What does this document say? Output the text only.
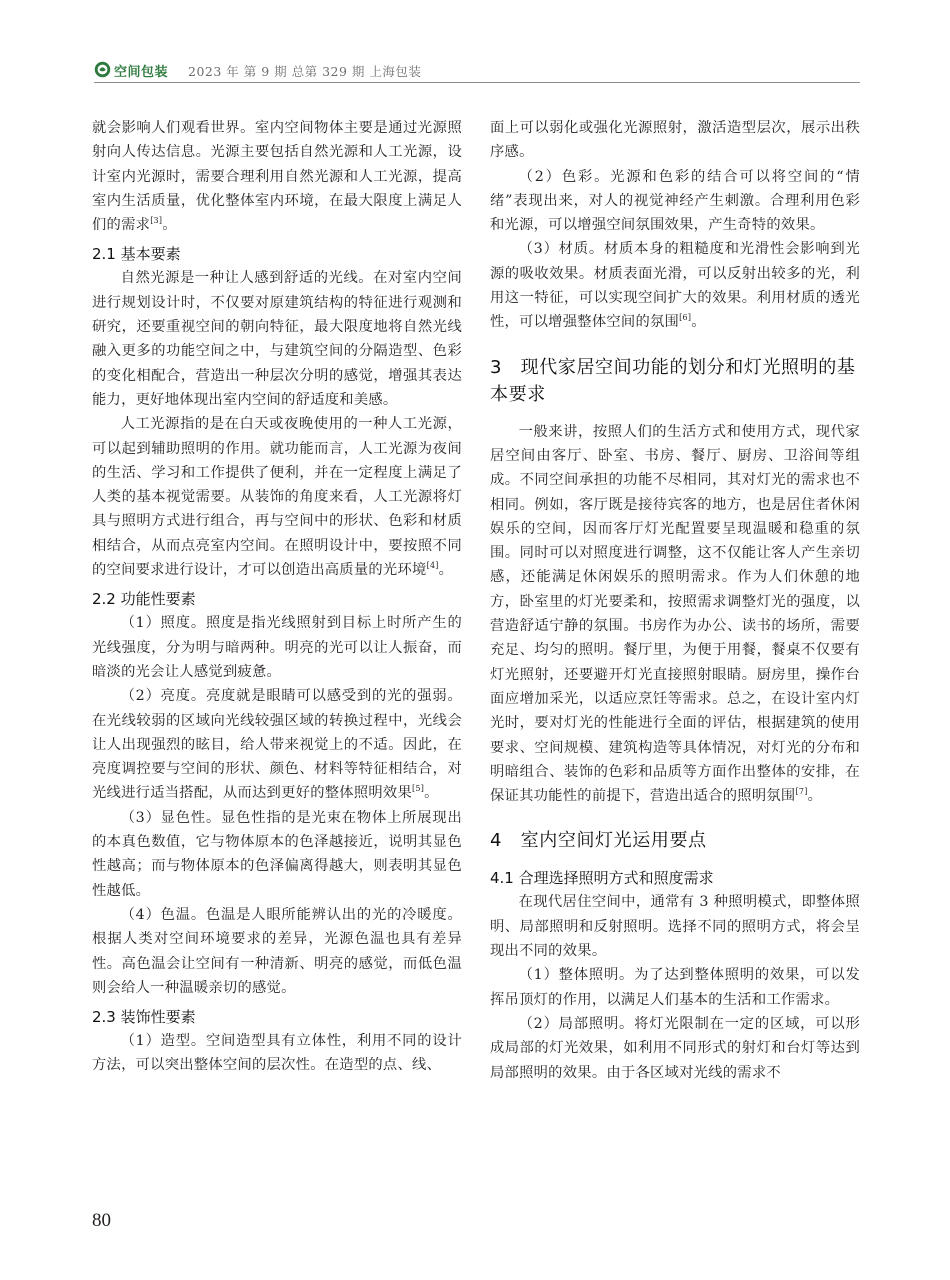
空间包装 2023 年 第 9 期 总第 329 期 上海包装

就会影响人们观看世界。室内空间物体主要是通过光源照射向人传达信息。光源主要包括自然光源和人工光源，设计室内光源时，需要合理利用自然光源和人工光源，提高室内生活质量，优化整体室内环境，在最大限度上满足人们的需求[3]。

2.1 基本要素

自然光源是一种让人感到舒适的光线。在对室内空间进行规划设计时，不仅要对原建筑结构的特征进行观测和研究，还要重视空间的朝向特征，最大限度地将自然光线融入更多的功能空间之中，与建筑空间的分隔造型、色彩的变化相配合，营造出一种层次分明的感觉，增强其表达能力，更好地体现出室内空间的舒适度和美感。

人工光源指的是在白天或夜晚使用的一种人工光源，可以起到辅助照明的作用。就功能而言，人工光源为夜间的生活、学习和工作提供了便利，并在一定程度上满足了人类的基本视觉需要。从装饰的角度来看，人工光源将灯具与照明方式进行组合，再与空间中的形状、色彩和材质相结合，从而点亮室内空间。在照明设计中，要按照不同的空间要求进行设计，才可以创造出高质量的光环境[4]。

2.2 功能性要素

（1）照度。照度是指光线照射到目标上时所产生的光线强度，分为明与暗两种。明亮的光可以让人振奋，而暗淡的光会让人感觉到疲惫。

（2）亮度。亮度就是眼睛可以感受到的光的强弱。在光线较弱的区域向光线较强区域的转换过程中，光线会让人出现强烈的眩目，给人带来视觉上的不适。因此，在亮度调控要与空间的形状、颜色、材料等特征相结合，对光线进行适当搭配，从而达到更好的整体照明效果[5]。

（3）显色性。显色性指的是光束在物体上所展现出的本真色数值，它与物体原本的色泽越接近，说明其显色性越高；而与物体原本的色泽偏离得越大，则表明其显色性越低。

（4）色温。色温是人眼所能辨认出的光的冷暖度。根据人类对空间环境要求的差异，光源色温也具有差异性。高色温会让空间有一种清新、明亮的感觉，而低色温则会给人一种温暖亲切的感觉。

2.3 装饰性要素

（1）造型。空间造型具有立体性，利用不同的设计方法，可以突出整体空间的层次性。在造型的点、线、

面上可以弱化或强化光源照射，激活造型层次，展示出秩序感。

（2）色彩。光源和色彩的结合可以将空间的“情绪”表现出来，对人的视觉神经产生刺激。合理利用色彩和光源，可以增强空间氛围效果，产生奇特的效果。

（3）材质。材质本身的粗糙度和光滑性会影响到光源的吸收效果。材质表面光滑，可以反射出较多的光，利用这一特征，可以实现空间扩大的效果。利用材质的透光性，可以增强整体空间的氛围[6]。

3　现代家居空间功能的划分和灯光照明的基本要求

一般来讲，按照人们的生活方式和使用方式，现代家居空间由客厅、卧室、书房、餐厅、厨房、卫浴间等组成。不同空间承担的功能不尽相同，其对灯光的需求也不相同。例如，客厅既是接待宾客的地方，也是居住者休闲娱乐的空间，因而客厅灯光配置要呈现温暖和稳重的氛围。同时可以对照度进行调整，这不仅能让客人产生亲切感，还能满足休闲娱乐的照明需求。作为人们休憩的地方，卧室里的灯光要柔和，按照需求调整灯光的强度，以营造舒适宁静的氛围。书房作为办公、读书的场所，需要充足、均匀的照明。餐厅里，为便于用餐，餐桌不仅要有灯光照射，还要避开灯光直接照射眼睛。厨房里，操作台面应增加采光，以适应烹饪等需求。总之，在设计室内灯光时，要对灯光的性能进行全面的评估，根据建筑的使用要求、空间规模、建筑构造等具体情况，对灯光的分布和明暗组合、装饰的色彩和品质等方面作出整体的安排，在保证其功能性的前提下，营造出适合的照明氛围[7]。

4　室内空间灯光运用要点
4.1 合理选择照明方式和照度需求

在现代居住空间中，通常有 3 种照明模式，即整体照明、局部照明和反射照明。选择不同的照明方式，将会呈现出不同的效果。

（1）整体照明。为了达到整体照明的效果，可以发挥吊顶灯的作用，以满足人们基本的生活和工作需求。

（2）局部照明。将灯光限制在一定的区域，可以形成局部的灯光效果，如利用不同形式的射灯和台灯等达到局部照明的效果。由于各区域对光线的需求不

80
